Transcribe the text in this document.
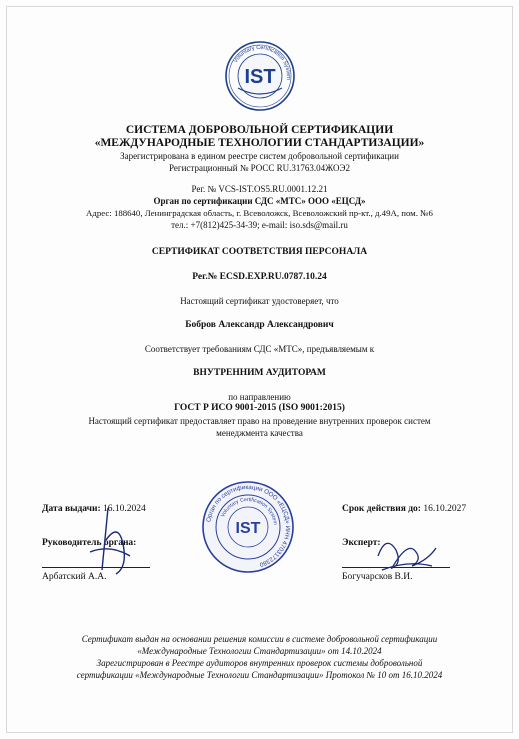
Voluntary Certification System
IST
СИСТЕМА ДОБРОВОЛЬНОЙ СЕРТИФИКАЦИИ
«МЕЖДУНАРОДНЫЕ ТЕХНОЛОГИИ СТАНДАРТИЗАЦИИ»
Зарегистрирована в едином реестре систем добровольной сертификации
Регистрационный № РОСС RU.31763.04ЖОЭ2
Рег. № VCS-IST.OS5.RU.0001.12.21
Орган по сертификации СДС «МТС» ООО «ЕЦСД»
Адрес: 188640, Ленинградская область, г. Всеволожск, Всеволожский пр-кт., д.49А, пом. №6
тел.: +7(812)425-34-39; e-mail: iso.sds@mail.ru
СЕРТИФИКАТ СООТВЕТСТВИЯ ПЕРСОНАЛА
Рег.№ ECSD.EXP.RU.0787.10.24
Настоящий сертификат удостоверяет, что
Бобров Александр Александрович
Соответствует требованиям СДС «МТС», предъявляемым к
ВНУТРЕННИМ АУДИТОРАМ
по направлению
ГОСТ Р ИСО 9001-2015 (ISO 9001:2015)
Настоящий сертификат предоставляет право на проведение внутренних проверок систем
менеджмента качества
Дата выдачи: 16.10.2024	Срок действия до: 16.10.2027
Руководитель органа:
Арбатский А.А.
Эксперт:
Богучарсков В.И.
Орган по сертификации ООО «ЕЦСД» ИНН 4703172380
Voluntary Certification System
IST
Сертификат выдан на основании решения комиссии в системе добровольной сертификации
«Международные Технологии Стандартизации» от 14.10.2024
Зарегистрирован в Реестре аудиторов внутренних проверок системы добровольной
сертификации «Международные Технологии Стандартизации» Протокол № 10 от 16.10.2024
